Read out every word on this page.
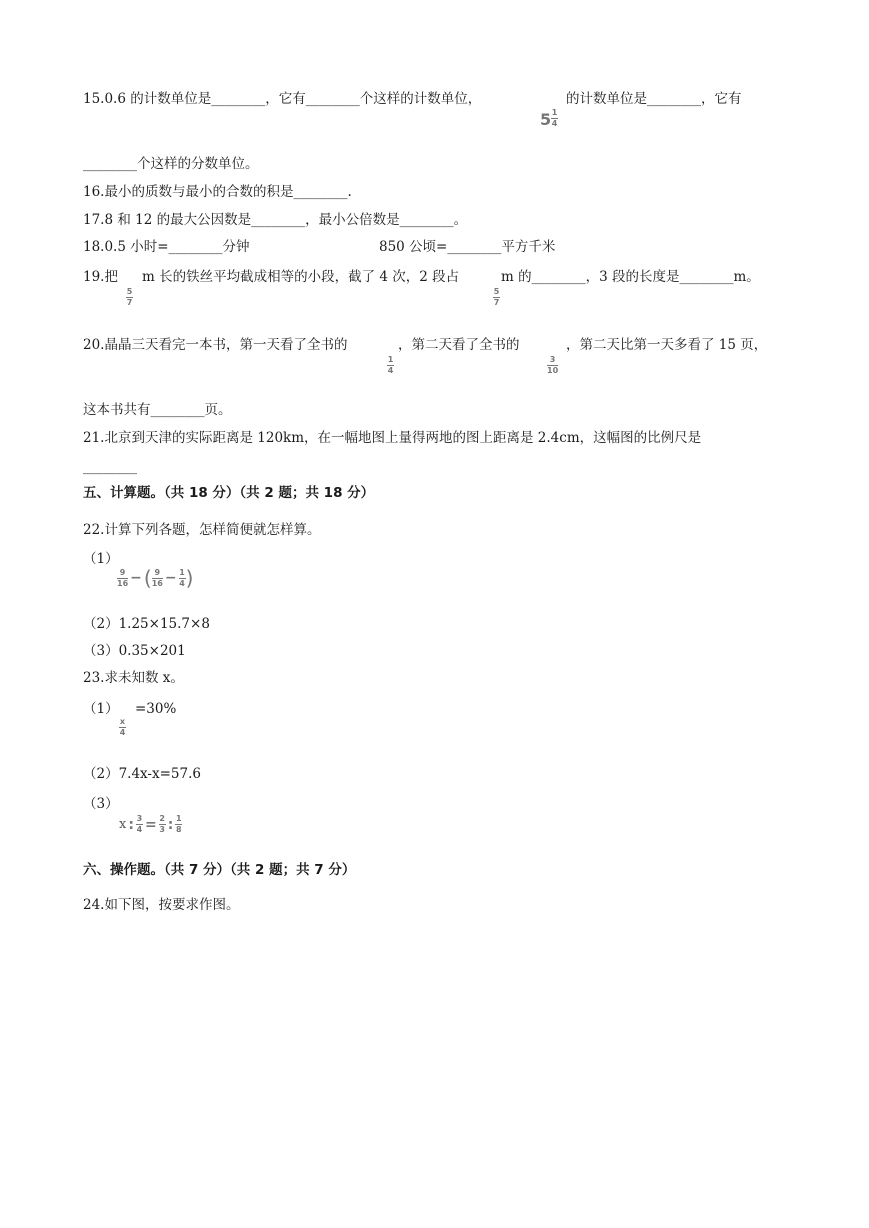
15.0.6 的计数单位是________，它有________个这样的计数单位，
5 1
4
的计数单位是________，它有
________个这样的分数单位。
16.最小的质数与最小的合数的积是________.
17.8 和 12 的最大公因数是________，最小公倍数是________。
18.0.5 小时=________分钟	850 公顷=________平方千米
19.把
5
7
m 长的铁丝平均截成相等的小段，截了 4 次，2 段占
5
7
m 的________，3 段的长度是________m。
20.晶晶三天看完一本书，第一天看了全书的
1
4
，第二天看了全书的
3
10
，第二天比第一天多看了 15 页，
这本书共有________页。
21.北京到天津的实际距离是 120km，在一幅地图上量得两地的图上距离是 2.4cm，这幅图的比例尺是
________
五、计算题。（共 18 分）（共 2 题；共 18 分）
22.计算下列各题，怎样简便就怎样算。
（1）
$\frac{9}{16}$ − ( $\frac{9}{16} - \frac{1}{4}$ )
（2）1.25×15.7×8
（3）0.35×201
23.求未知数 x。
（1）
x
4
=30%
（2）7.4x-x=57.6
（3）
x : $\frac{3}{4} = \frac{2}{3}$ : $\frac{1}{8}$
六、操作题。（共 7 分）（共 2 题；共 7 分）
24.如下图，按要求作图。
